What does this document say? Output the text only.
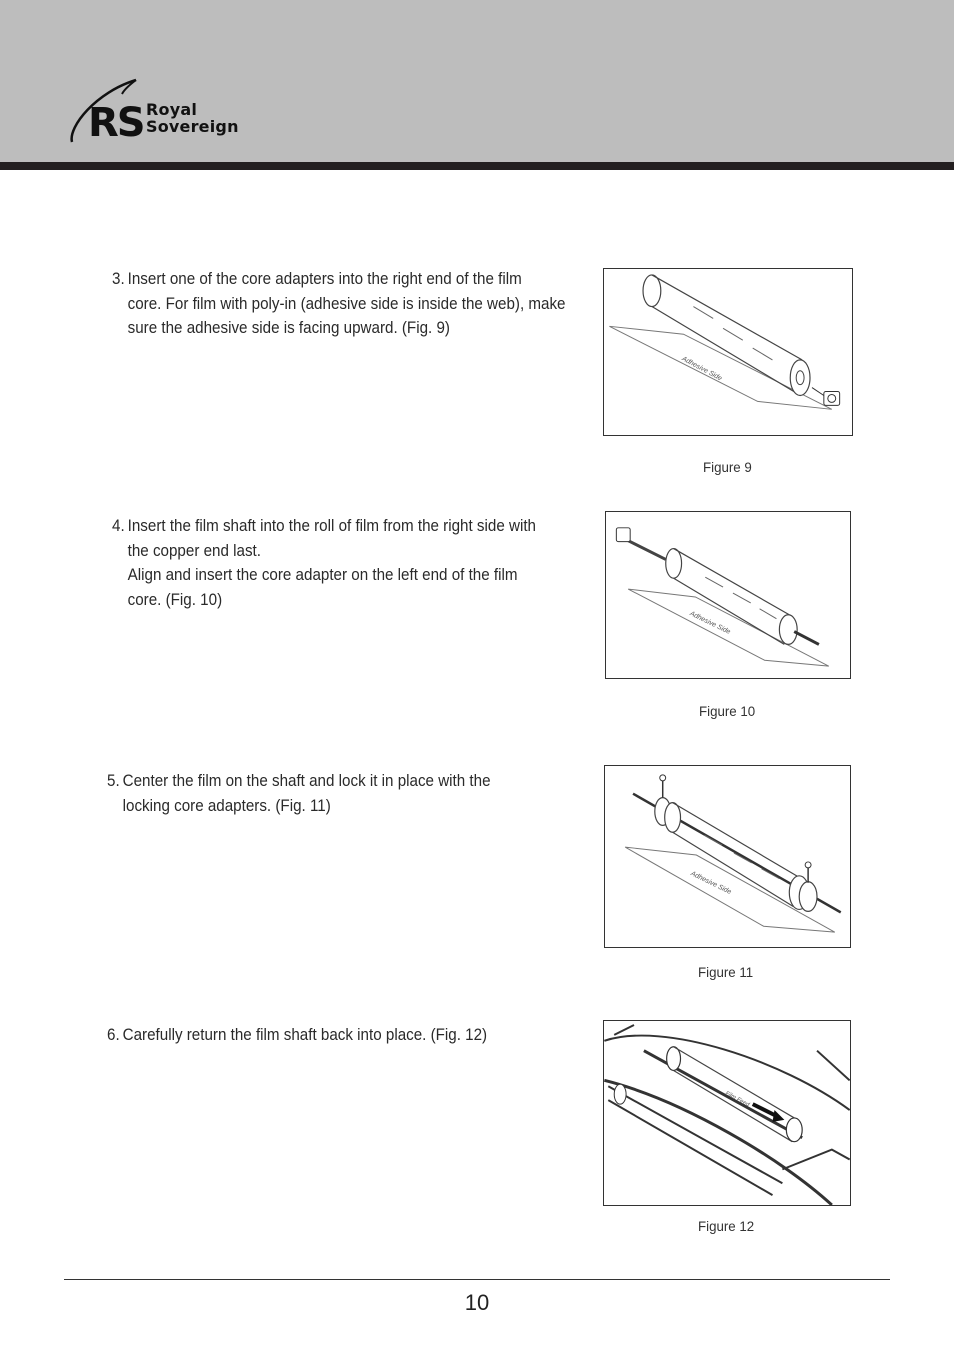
RS Royal
Sovereign
3. Insert one of the core adapters into the right end of the film
core. For film with poly-in (adhesive side is inside the web), make
sure the adhesive side is facing upward. (Fig. 9)
Adhesive Side
Figure 9
4. Insert the film shaft into the roll of film from the right side with
the copper end last.
Align and insert the core adapter on the left end of the film
core. (Fig. 10)
Adhesive Side
Figure 10
5. Center the film on the shaft and lock it in place with the
locking core adapters. (Fig. 11)
Adhesive Side
Figure 11
6. Carefully return the film shaft back into place. (Fig. 12)
Film Feed
Figure 12
10
